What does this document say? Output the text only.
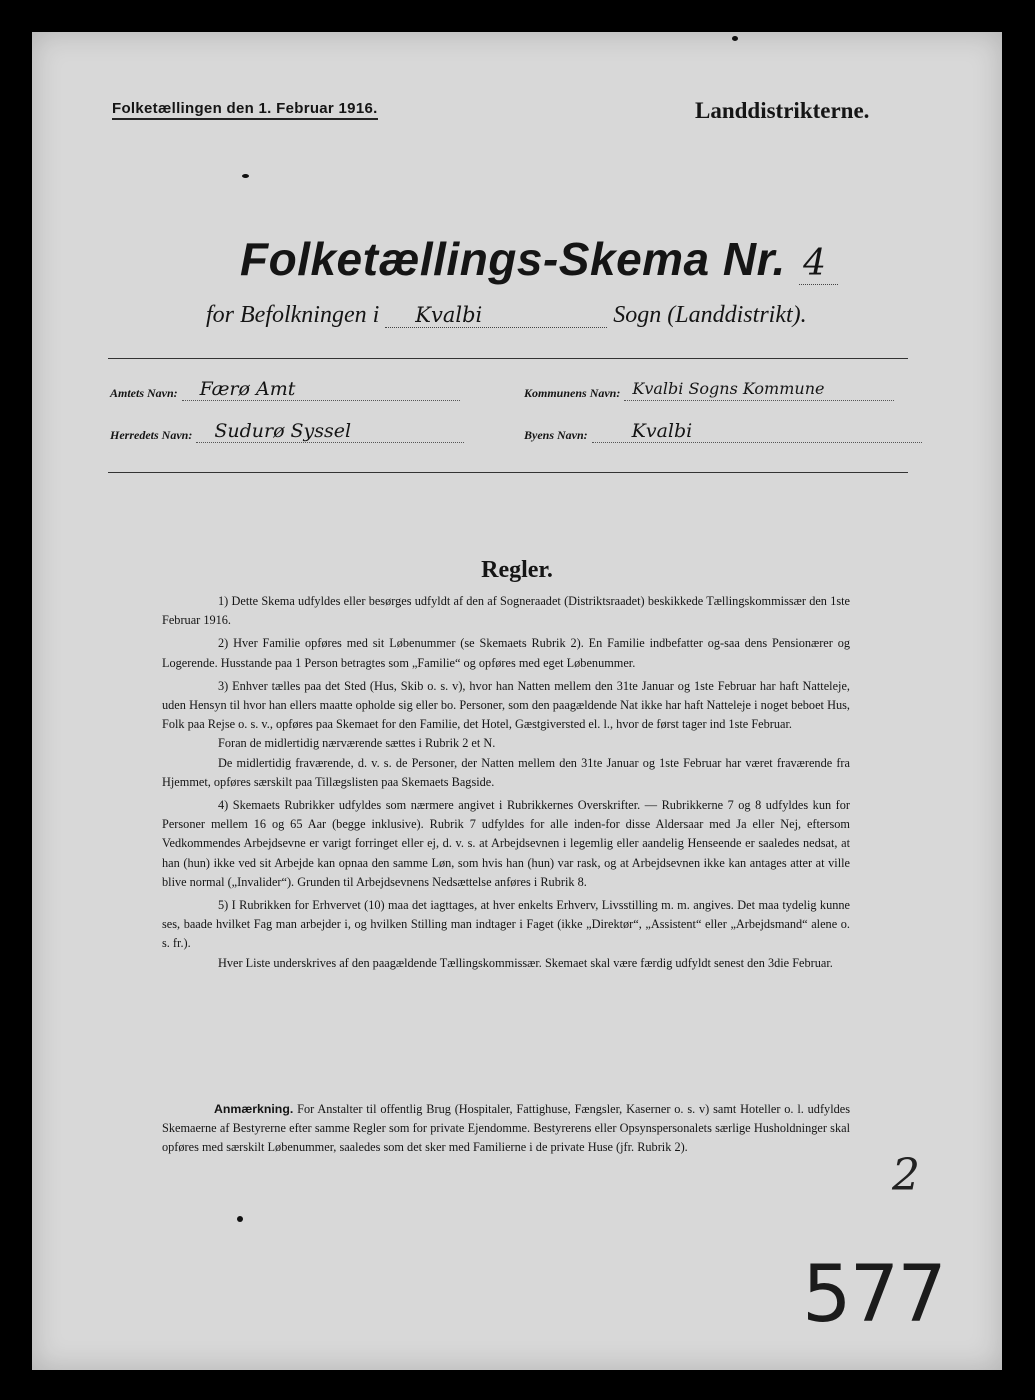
Folketællingen den 1. Februar 1916.	Landdistrikterne.
Folketællings-Skema Nr. 4
for Befolkningen i Kvalbi	Sogn (Landdistrikt).
Amtets Navn:	Færø Amt	Kommunens Navn: Kvalbi Sogns Kommune
Herredets Navn:	Sudurø Syssel	Byens Navn:	Kvalbi
Regler.

1) Dette Skema udfyldes eller besørges udfyldt af den af Sogneraadet (Distriktsraadet) beskikkede Tællingskommissær den 1ste Februar 1916.

2) Hver Familie opføres med sit Løbenummer (se Skemaets Rubrik 2). En Familie indbefatter og-saa dens Pensionærer og Logerende. Husstande paa 1 Person betragtes som „Familie“ og opføres med eget Løbenummer.

3) Enhver tælles paa det Sted (Hus, Skib o. s. v), hvor han Natten mellem den 31te Januar og 1ste Februar har haft Natteleje, uden Hensyn til hvor han ellers maatte opholde sig eller bo. Personer, som den paagældende Nat ikke har haft Natteleje i noget beboet Hus, Folk paa Rejse o. s. v., opføres paa Skemaet for den Familie, det Hotel, Gæstgiversted el. l., hvor de først tager ind 1ste Februar.

Foran de midlertidig nærværende sættes i Rubrik 2 et N.

De midlertidig fraværende, d. v. s. de Personer, der Natten mellem den 31te Januar og 1ste Februar har været fraværende fra Hjemmet, opføres særskilt paa Tillægslisten paa Skemaets Bagside.

4) Skemaets Rubrikker udfyldes som nærmere angivet i Rubrikkernes Overskrifter. — Rubrikkerne 7 og 8 udfyldes kun for Personer mellem 16 og 65 Aar (begge inklusive). Rubrik 7 udfyldes for alle inden-for disse Aldersaar med Ja eller Nej, eftersom Vedkommendes Arbejdsevne er varigt forringet eller ej, d. v. s. at Arbejdsevnen i legemlig eller aandelig Henseende er saaledes nedsat, at han (hun) ikke ved sit Arbejde kan opnaa den samme Løn, som hvis han (hun) var rask, og at Arbejdsevnen ikke kan antages atter at ville blive normal („Invalider“). Grunden til Arbejdsevnens Nedsættelse anføres i Rubrik 8.

5) I Rubrikken for Erhvervet (10) maa det iagttages, at hver enkelts Erhverv, Livsstilling m. m. angives. Det maa tydelig kunne ses, baade hvilket Fag man arbejder i, og hvilken Stilling man indtager i Faget (ikke „Direktør“, „Assistent“ eller „Arbejdsmand“ alene o. s. fr.).

Hver Liste underskrives af den paagældende Tællingskommissær. Skemaet skal være færdig udfyldt senest den 3die Februar.

Anmærkning. For Anstalter til offentlig Brug (Hospitaler, Fattighuse, Fængsler, Kaserner o. s. v) samt Hoteller o. l. udfyldes Skemaerne af Bestyrerne efter samme Regler som for private Ejendomme. Bestyrerens eller Opsynspersonalets særlige Husholdninger skal opføres med særskilt Løbenummer, saaledes som det sker med Familierne i de private Huse (jfr. Rubrik 2).
2
577
